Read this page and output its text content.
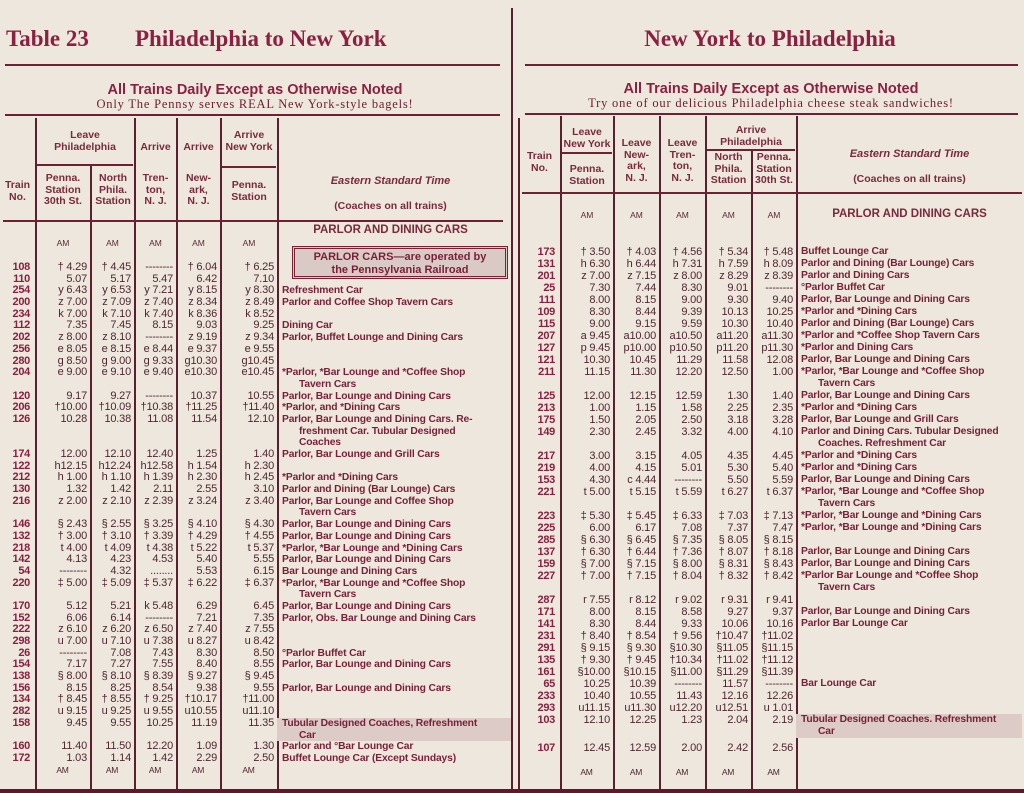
Table 23 Philadelphia to New York
All Trains Daily Except as Otherwise Noted
Only The Pennsy serves REAL New York-style bagels!
Leave
Philadelphia	Arrive	Arrive
Arrive
New York
Train
No.
Penna.
Station
30th St.
North
Phila.
Station
Tren-
ton,
N. J.
New-
ark,
N. J.
Penna.
Station
Eastern Standard Time
(Coaches on all trains)
PARLOR AND DINING CARS
AM	AM	AM	AM	AM
PARLOR CARS—are operated by
the Pennsylvania Railroad
108	† 4.29	† 4.45	--------	† 6.04	† 6.25
110	5.07	5.17	5.47	6.42	7.10
254	y 6.43	y 6.53	y 7.21	y 8.15	y 8.30 Refreshment Car
200	z 7.00	z 7.09	z 7.40	z 8.34	z 8.49 Parlor and Coffee Shop Tavern Cars
234	k 7.00	k 7.10	k 7.40	k 8.36	k 8.52
112	7.35	7.45	8.15	9.03	9.25 Dining Car
202	z 8.00	z 8.10	--------	z 9.19	z 9.34 Parlor, Buffet Lounge and Dining Cars
256	e 8.05	e 8.15	e 8.44	e 9.37	e 9.55
280	g 8.50	g 9.00	g 9.33	g10.30	g10.45
204	e 9.00	e 9.10	e 9.40	e10.30	e10.45 *Parlor, *Bar Lounge and *Coffee Shop
Tavern Cars
120	9.17	9.27	--------	10.37	10.55 Parlor, Bar Lounge and Dining Cars
206	†10.00	†10.09 †10.38	†11.25	†11.40 *Parlor, and *Dining Cars
126	10.28	10.38	11.08	11.54	12.10 Parlor, Bar Lounge and Dining Cars. Re-
freshment Car. Tubular Designed
Coaches
174	12.00	12.10	12.40	1.25	1.40 Parlor, Bar Lounge and Grill Cars
122	h12.15	h12.24 h12.58	h 1.54	h 2.30
212	h 1.00	h 1.10	h 1.39	h 2.30	h 2.45 *Parlor and *Dining Cars
130	1.32	1.42	2.11	2.55	3.10 Parlor and Dining (Bar Lounge) Cars
216	z 2.00	z 2.10	z 2.39	z 3.24	z 3.40 Parlor, Bar Lounge and Coffee Shop
Tavern Cars
146	§ 2.43	§ 2.55	§ 3.25	§ 4.10	§ 4.30 Parlor, Bar Lounge and Dining Cars
132	† 3.00	† 3.10	† 3.39	† 4.29	† 4.55 Parlor, Bar Lounge and Dining Cars
218	t 4.00	t 4.09	t 4.38	t 5.22	t 5.37 *Parlor, *Bar Lounge and *Dining Cars
142	4.13	4.23	4.53	5.40	5.55 Parlor, Bar Lounge and Dining Cars
54	--------	4.32	........	5.53	6.15 Bar Lounge and Dining Cars
220	‡ 5.00	‡ 5.09	‡ 5.37	‡ 6.22	‡ 6.37 *Parlor, *Bar Lounge and *Coffee Shop
Tavern Cars
170	5.12	5.21	k 5.48	6.29	6.45 Parlor, Bar Lounge and Dining Cars
152	6.06	6.14	--------	7.21	7.35 Parlor, Obs. Bar Lounge and Dining Cars
222	z 6.10	z 6.20	z 6.50	z 7.40	z 7.55
298	u 7.00	u 7.10	u 7.38	u 8.27	u 8.42
26	--------	7.08	7.43	8.30	8.50 °Parlor Buffet Car
154	7.17	7.27	7.55	8.40	8.55 Parlor, Bar Lounge and Dining Cars
138	§ 8.00	§ 8.10	§ 8.39	§ 9.27	§ 9.45
156	8.15	8.25	8.54	9.38	9.55 Parlor, Bar Lounge and Dining Cars
134	† 8.45	† 8.55	† 9.25	†10.17	†11.00
282	u 9.15	u 9.25	u 9.55	u10.55	u11.10
158	9.45	9.55	10.25	11.19	11.35 Tubular Designed Coaches, Refreshment
Car
160	11.40	11.50	12.20	1.09	1.30 Parlor and °Bar Lounge Car
172	1.03	1.14	1.42	2.29	2.50 Buffet Lounge Car (Except Sundays)
AM	AM	AM	AM	AM
New York to Philadelphia
All Trains Daily Except as Otherwise Noted
Try one of our delicious Philadelphia cheese steak sandwiches!
Leave
New York	Leave
New-
ark,
N. J.
Leave
Tren-
ton,
N. J.
Arrive
Philadelphia
Train
No.	Penna.
Station
North
Phila.
Station
Penna.
Station
30th St.
Eastern Standard Time
(Coaches on all trains)
PARLOR AND DINING CARS
AM	AM	AM	AM	AM
173	† 3.50	† 4.03	† 4.56	† 5.34	† 5.48 Buffet Lounge Car
131	h 6.30	h 6.44	h 7.31	h 7.59	h 8.09 Parlor and Dining (Bar Lounge) Cars
201	z 7.00	z 7.15	z 8.00	z 8.29	z 8.39 Parlor and Dining Cars
25	7.30	7.44	8.30	9.01	-------- °Parlor Buffet Car
111	8.00	8.15	9.00	9.30	9.40 Parlor, Bar Lounge and Dining Cars
109	8.30	8.44	9.39	10.13	10.25 *Parlor and *Dining Cars
115	9.00	9.15	9.59	10.30	10.40 Parlor and Dining (Bar Lounge) Cars
207	a 9.45	a10.00	a10.50	a11.20	a11.30 *Parlor and *Coffee Shop Tavern Cars
127	p 9.45	p10.00	p10.50	p11.20	p11.30 *Parlor and Dining Cars
121	10.30	10.45	11.29	11.58	12.08 Parlor, Bar Lounge and Dining Cars
211	11.15	11.30	12.20	12.50	1.00 *Parlor, *Bar Lounge and *Coffee Shop
Tavern Cars
125	12.00	12.15	12.59	1.30	1.40 Parlor, Bar Lounge and Dining Cars
213	1.00	1.15	1.58	2.25	2.35 *Parlor and *Dining Cars
175	1.50	2.05	2.50	3.18	3.28 Parlor, Bar Lounge and Grill Cars
149	2.30	2.45	3.32	4.00	4.10 Parlor and Dining Cars. Tubular Designed
Coaches. Refreshment Car
217	3.00	3.15	4.05	4.35	4.45 *Parlor and *Dining Cars
219	4.00	4.15	5.01	5.30	5.40 *Parlor and *Dining Cars
153	4.30	c 4.44	--------	5.50	5.59 Parlor, Bar Lounge and Dining Cars
221	t 5.00	t 5.15	t 5.59	t 6.27	t 6.37 *Parlor, *Bar Lounge and *Coffee Shop
Tavern Cars
223	‡ 5.30	‡ 5.45	‡ 6.33	‡ 7.03	‡ 7.13 *Parlor, *Bar Lounge and *Dining Cars
225	6.00	6.17	7.08	7.37	7.47 *Parlor, *Bar Lounge and *Dining Cars
285	§ 6.30	§ 6.45	§ 7.35	§ 8.05	§ 8.15
137	† 6.30	† 6.44	† 7.36	† 8.07	† 8.18 Parlor, Bar Lounge and Dining Cars
159	§ 7.00	§ 7.15	§ 8.00	§ 8.31	§ 8.43 Parlor, Bar Lounge and Dining Cars
227	† 7.00	† 7.15	† 8.04	† 8.32	† 8.42 *Parlor Bar Lounge and *Coffee Shop
Tavern Cars
287	r 7.55	r 8.12	r 9.02	r 9.31	r 9.41
171	8.00	8.15	8.58	9.27	9.37 Parlor, Bar Lounge and Dining Cars
141	8.30	8.44	9.33	10.06	10.16 Parlor Bar Lounge Car
231	† 8.40	† 8.54	† 9.56	†10.47	†11.02
291	§ 9.15	§ 9.30	§10.30	§11.05	§11.15
135	† 9.30	† 9.45	†10.34	†11.02	†11.12
161	§10.00	§10.15	§11.00	§11.29	§11.39
65	10.25	10.39	--------	11.57	-------- Bar Lounge Car
233	10.40	10.55	11.43	12.16	12.26
293	u11.15	u11.30	u12.20	u12.51	u 1.01
103	12.10	12.25	1.23	2.04	2.19 Tubular Designed Coaches. Refreshment
Car
107	12.45	12.59	2.00	2.42	2.56
AM	AM	AM	AM	AM
